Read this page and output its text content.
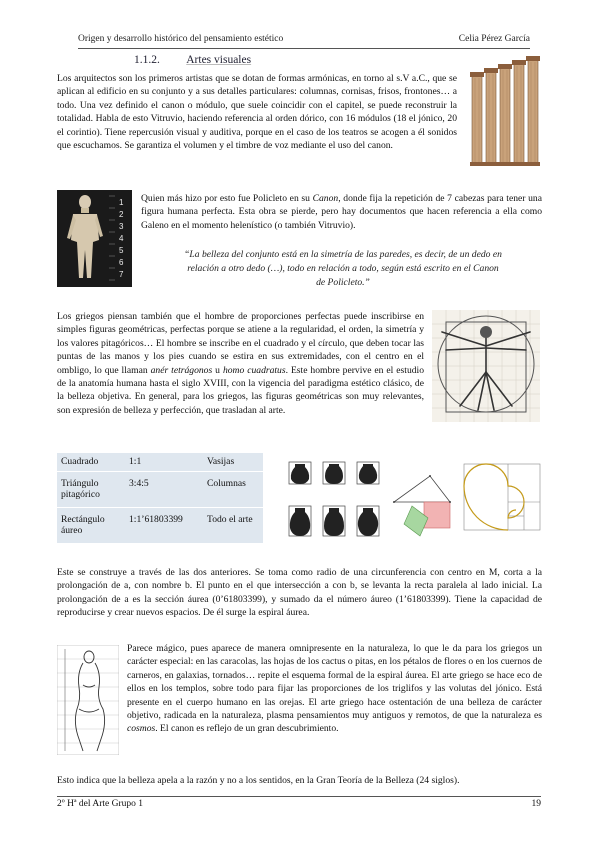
Origen y desarrollo histórico del pensamiento estético	Celia Pérez García
1.1.2. Artes visuales

Los arquitectos son los primeros artistas que se dotan de formas armónicas, en torno al s.V a.C., que se aplican al edificio en su conjunto y a sus detalles particulares: columnas, cornisas, frisos, frontones… a todo. Una vez definido el canon o módulo, que suele coincidir con el capitel, se puede reconstruir la totalidad. Habla de esto Vitruvio, haciendo referencia al orden dórico, con 16 módulos (18 el jónico, 20 el corintio). Tiene repercusión visual y auditiva, porque en el caso de los teatros se acogen a él sonidos que escuchamos. Se garantiza el volumen y el timbre de voz mediante el uso del canon.

1
2
3
4
5
6
7

Quien más hizo por esto fue Policleto en su Canon, donde fija la repetición de 7 cabezas para tener una figura humana perfecta. Esta obra se pierde, pero hay documentos que hacen referencia a ella como Galeno en el momento helenístico (o también Vitruvio).

“La belleza del conjunto está en la simetría de las paredes, es decir, de un dedo en relación a otro dedo (…), todo en relación a todo, según está escrito en el Canon de Policleto.”

Los griegos piensan también que el hombre de proporciones perfectas puede inscribirse en simples figuras geométricas, perfectas porque se atiene a la regularidad, el orden, la simetría y los valores pitagóricos… El hombre se inscribe en el cuadrado y el círculo, que deben tocar las puntas de las manos y los pies cuando se estira en sus extremidades, con el centro en el ombligo, lo que llaman anér tetrágonos u homo cuadratus. Este hombre pervive en el estudio de la anatomía humana hasta el siglo XVIII, con la vigencia del paradigma estético clásico, de la belleza objetiva. En general, para los griegos, las figuras geométricas son muy relevantes, son expresión de belleza y perfección, que trasladan al arte.

Cuadrado	1:1	Vasijas
Triángulo pitagórico	3:4:5	Columnas
Rectángulo áureo	1:1’61803399	Todo el arte

Este se construye a través de las dos anteriores. Se toma como radio de una circunferencia con centro en M, corta a la prolongación de a, con nombre b. El punto en el que intersección a con b, se levanta la recta paralela al lado inicial. La prolongación de a es la sección áurea (0’61803399), y sumado da el número áureo (1’61803399). Tiene la capacidad de reproducirse y crear nuevos espacios. De él surge la espiral áurea.

Parece mágico, pues aparece de manera omnipresente en la naturaleza, lo que le da para los griegos un carácter especial: en las caracolas, las hojas de los cactus o pitas, en los pétalos de flores o en los cuernos de carneros, en galaxias, tornados… repite el esquema formal de la espiral áurea. El arte griego se hace eco de ellos en los templos, sobre todo para fijar las proporciones de los triglifos y las volutas del jónico. Está presente en el cuerpo humano en las orejas. El arte griego hace ostentación de una belleza de carácter objetivo, radicada en la naturaleza, plasma pensamientos muy antiguos y remotos, de que la naturaleza es cosmos. El canon es reflejo de un gran descubrimiento.

Esto indica que la belleza apela a la razón y no a los sentidos, en la Gran Teoría de la Belleza (24 siglos).

2º Hª del Arte Grupo 1	19
